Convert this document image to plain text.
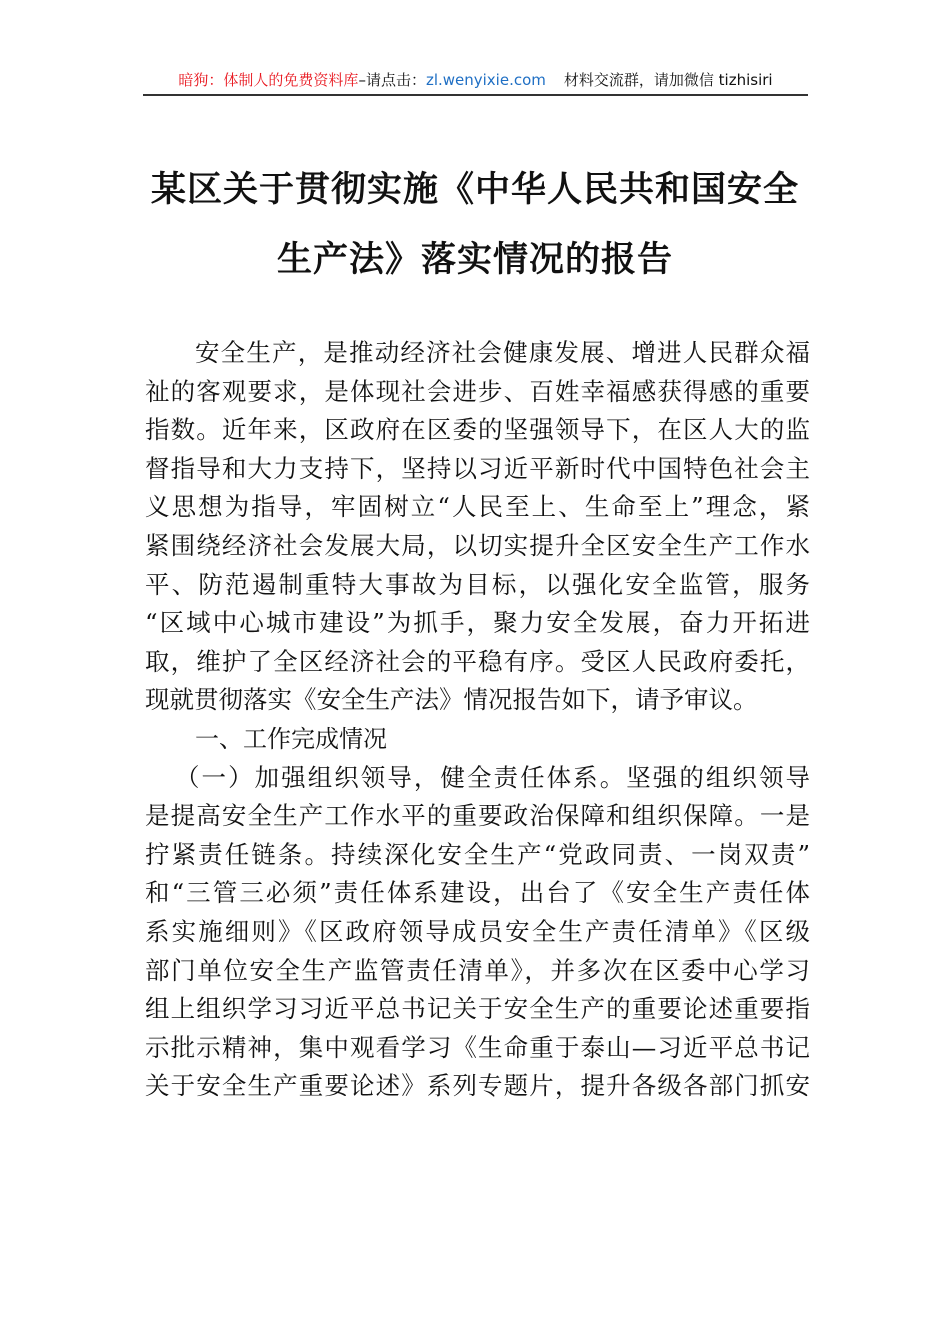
暗狗：体制人的免费资料库–请点击：zl.wenyixie.com 材料交流群，请加微信 tizhisiri
某区关于贯彻实施《中华人民共和国安全
生产法》落实情况的报告
安全生产，是推动经济社会健康发展、增进人民群众福
祉的客观要求，是体现社会进步、百姓幸福感获得感的重要
指数。近年来，区政府在区委的坚强领导下，在区人大的监
督指导和大力支持下，坚持以习近平新时代中国特色社会主
义思想为指导，牢固树立“人民至上、生命至上”理念，紧
紧围绕经济社会发展大局，以切实提升全区安全生产工作水
平、防范遏制重特大事故为目标，以强化安全监管，服务
“区域中心城市建设”为抓手，聚力安全发展，奋力开拓进
取，维护了全区经济社会的平稳有序。受区人民政府委托，
现就贯彻落实《安全生产法》情况报告如下，请予审议。
一、工作完成情况
（一）加强组织领导，健全责任体系。坚强的组织领导
是提高安全生产工作水平的重要政治保障和组织保障。一是
拧紧责任链条。持续深化安全生产“党政同责、一岗双责”
和“三管三必须”责任体系建设，出台了《安全生产责任体
系实施细则》《区政府领导成员安全生产责任清单》《区级
部门单位安全生产监管责任清单》，并多次在区委中心学习
组上组织学习习近平总书记关于安全生产的重要论述重要指
示批示精神，集中观看学习《生命重于泰山—习近平总书记
关于安全生产重要论述》系列专题片，提升各级各部门抓安
